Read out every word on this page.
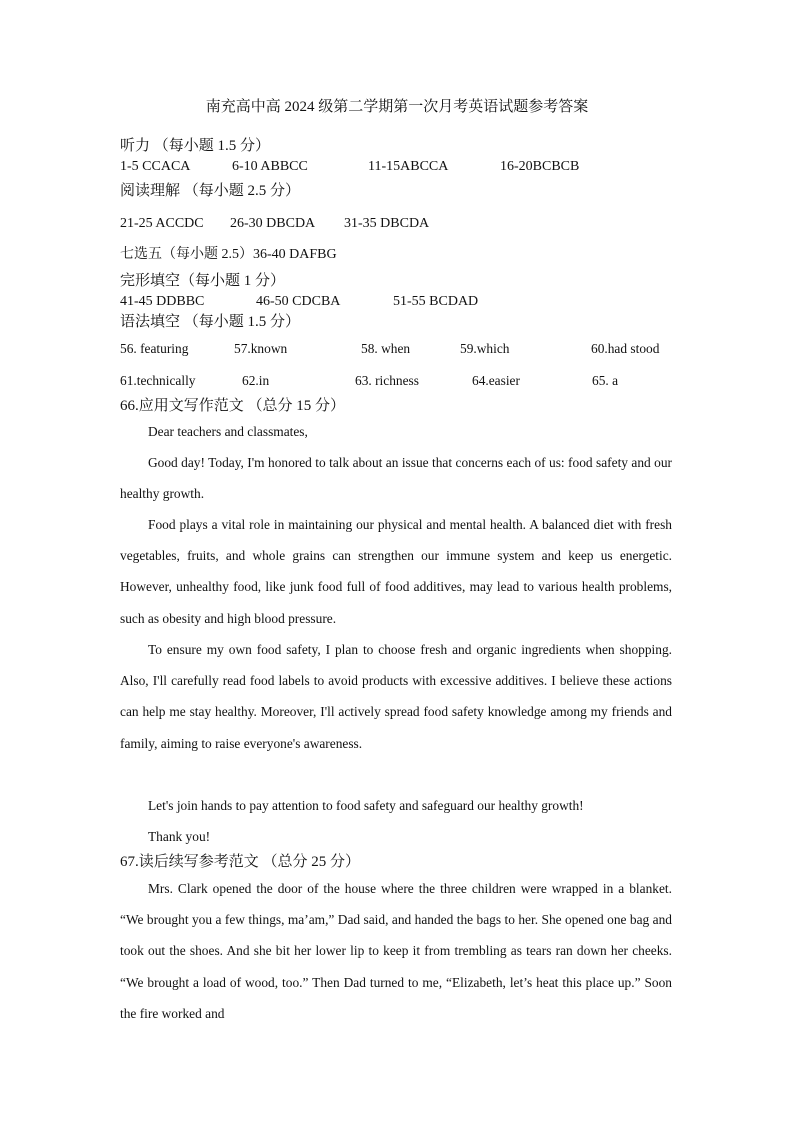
南充高中高 2024 级第二学期第一次月考英语试题参考答案
听力 （每小题 1.5 分）
1-5 CCACA	6-10 ABBCC	11-15ABCCA	16-20BCBCB
阅读理解 （每小题 2.5 分）
21-25 ACCDC 26-30 DBCDA 31-35 DBCDA
七选五（每小题 2.5）36-40 DAFBG
完形填空（每小题 1 分）
41-45 DDBBC	46-50 CDCBA	51-55 BCDAD
语法填空 （每小题 1.5 分）
56. featuring	57.known	58. when	59.which	60.had stood
61.technically	62.in	63. richness	64.easier	65. a
66.应用文写作范文 （总分 15 分）
Dear teachers and classmates,
Good day! Today, I'm honored to talk about an issue that concerns each of us: food safety and our healthy growth.
Food plays a vital role in maintaining our physical and mental health. A balanced diet with fresh vegetables, fruits, and whole grains can strengthen our immune system and keep us energetic. However, unhealthy food, like junk food full of food additives, may lead to various health problems, such as obesity and high blood pressure.
To ensure my own food safety, I plan to choose fresh and organic ingredients when shopping. Also, I'll carefully read food labels to avoid products with excessive additives. I believe these actions can help me stay healthy. Moreover, I'll actively spread food safety knowledge among my friends and family, aiming to raise everyone's awareness.
Let's join hands to pay attention to food safety and safeguard our healthy growth!
Thank you!
67.读后续写参考范文 （总分 25 分）
Mrs. Clark opened the door of the house where the three children were wrapped in a blanket. “We brought you a few things, ma’am,” Dad said, and handed the bags to her. She opened one bag and took out the shoes. And she bit her lower lip to keep it from trembling as tears ran down her cheeks. “We brought a load of wood, too.” Then Dad turned to me, “Elizabeth, let’s heat this place up.” Soon the fire worked and
